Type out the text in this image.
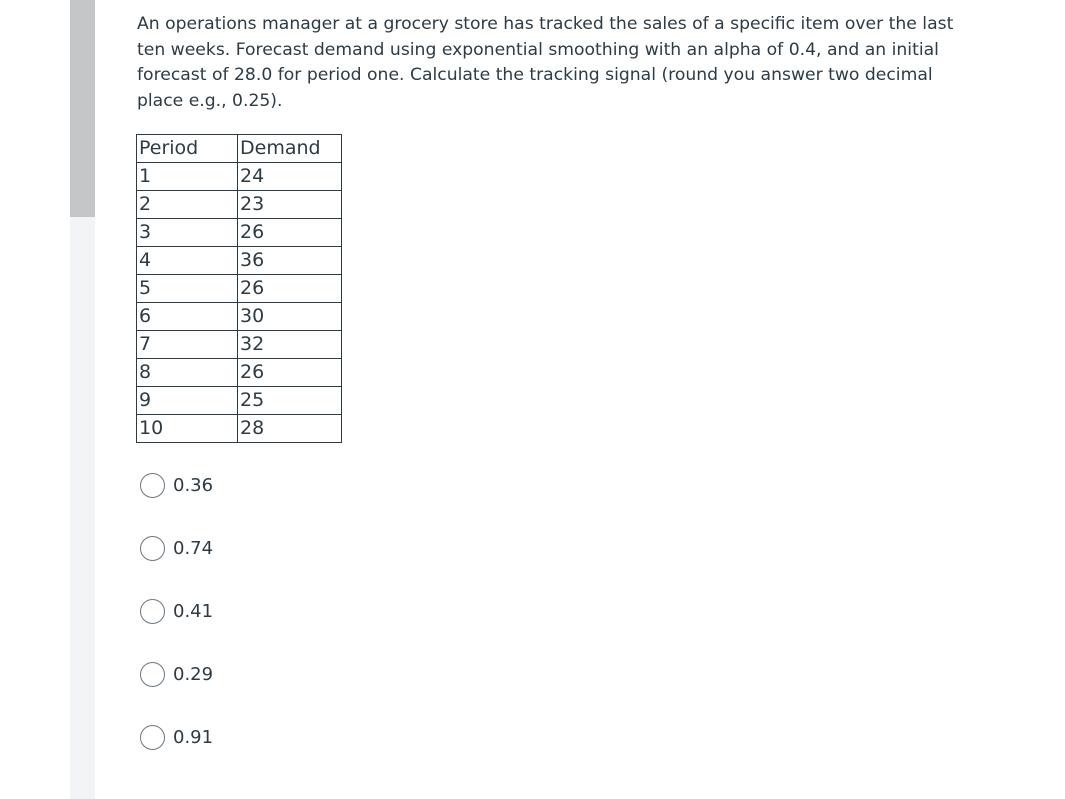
An operations manager at a grocery store has tracked the sales of a specific item over the last ten weeks. Forecast demand using exponential smoothing with an alpha of 0.4, and an initial forecast of 28.0 for period one. Calculate the tracking signal (round you answer two decimal place e.g., 0.25).

Period	Demand
1	24
2	23
3	26
4	36
5	26
6	30
7	32
8	26
9	25
10	28
0.36
0.74
0.41
0.29
0.91
